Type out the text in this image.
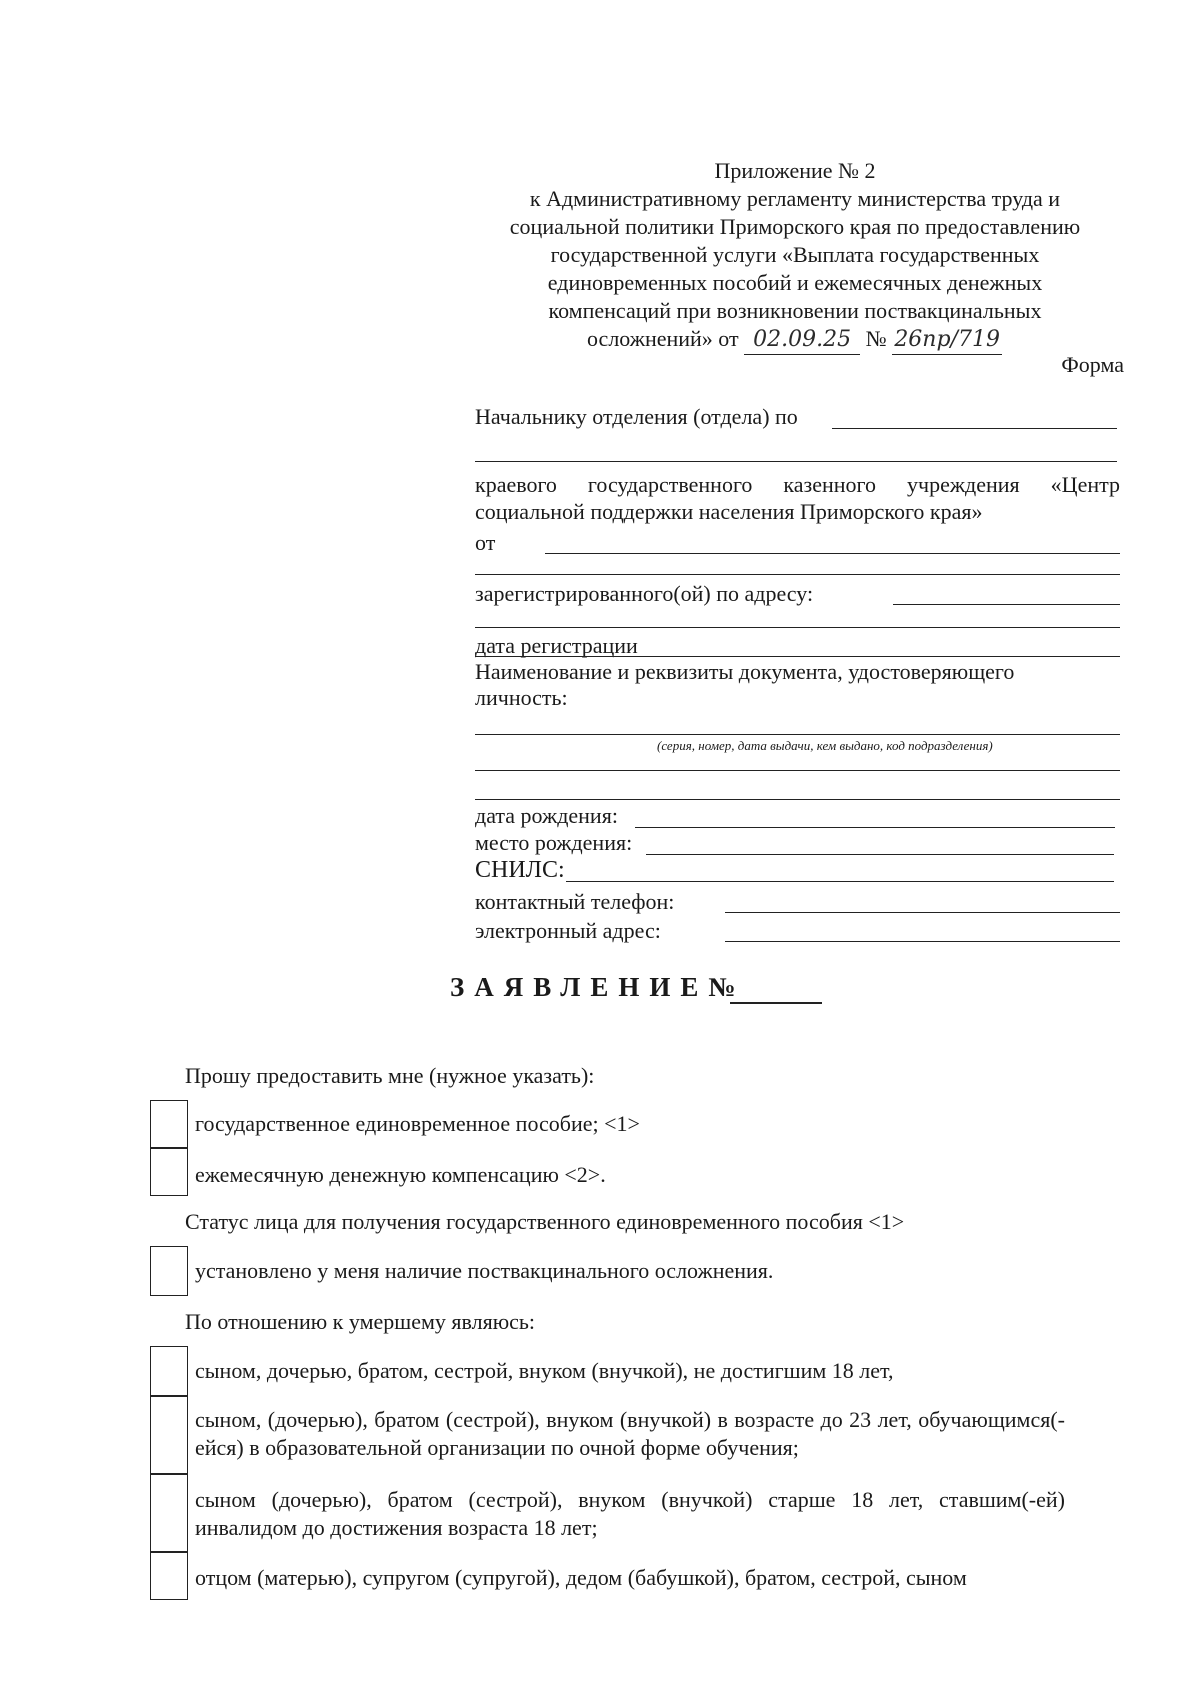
Приложение № 2
к Административному регламенту министерства труда и
социальной политики Приморского края по предоставлению
государственной услуги «Выплата государственных
единовременных пособий и ежемесячных денежных
компенсаций при возникновении поствакцинальных
осложнений» от 02.09.25 № 26пр/719
Форма
Начальнику отделения (отдела) по
краевого государственного казенного учреждения «Центр социальной поддержки населения Приморского края»
от
зарегистрированного(ой) по адресу:
дата регистрации
Наименование и реквизиты документа, удостоверяющего личность:
(серия, номер, дата выдачи, кем выдано, код подразделения)
дата рождения:
место рождения:
СНИЛС:
контактный телефон:
электронный адрес:
ЗАЯВЛЕНИЕ№
Прошу предоставить мне (нужное указать):
государственное единовременное пособие; <1>
ежемесячную денежную компенсацию <2>.
Статус лица для получения государственного единовременного пособия <1>
установлено у меня наличие поствакцинального осложнения.
По отношению к умершему являюсь:
сыном, дочерью, братом, сестрой, внуком (внучкой), не достигшим 18 лет,
сыном, (дочерью), братом (сестрой), внуком (внучкой) в возрасте до 23 лет, обучающимся(-ейся) в образовательной организации по очной форме обучения;
сыном (дочерью), братом (сестрой), внуком (внучкой) старше 18 лет, ставшим(-ей) инвалидом до достижения возраста 18 лет;
отцом (матерью), супругом (супругой), дедом (бабушкой), братом, сестрой, сыном
